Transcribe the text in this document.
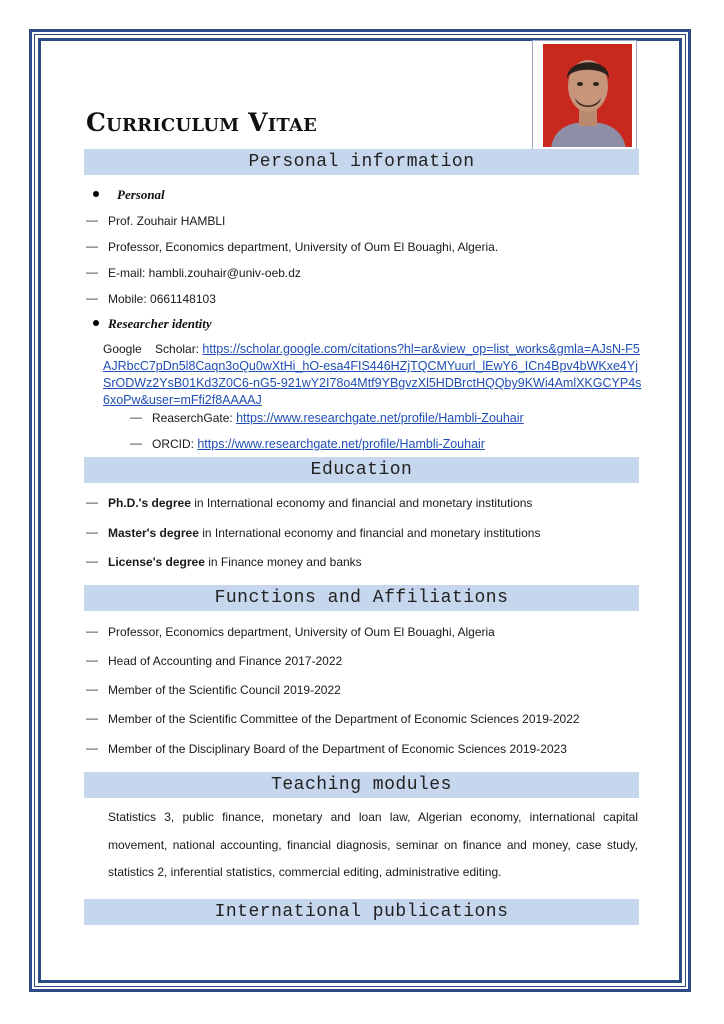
Curriculum Vitae
Personal information
Personal
— Prof. Zouhair HAMBLI
— Professor, Economics department, University of Oum El Bouaghi, Algeria.
— E-mail: hambli.zouhair@univ-oeb.dz
— Mobile: 0661148103
Researcher identity
Google Scholar: https://scholar.google.com/citations?hl=ar&view_op=list_works&gmla=AJsN-F5AJRbcC7pDn5l8Caqn3oQu0wXtHi_hO-esa4FIS446HZjTQCMYuurl_lEwY6_ICn4Bpv4bWKxe4YjSrODWz2YsB01Kd3Z0C6-nG5-921wY2I78o4Mtf9YBgvzXl5HDBrctHQQby9KWi4AmlXKGCYP4s6xoPw&user=mFfi2f8AAAAJ
— ReaserchGate: https://www.researchgate.net/profile/Hambli-Zouhair
— ORCID: https://www.researchgate.net/profile/Hambli-Zouhair
Education
— Ph.D.'s degree in International economy and financial and monetary institutions
— Master's degree in International economy and financial and monetary institutions
— License's degree in Finance money and banks
Functions and Affiliations
— Professor, Economics department, University of Oum El Bouaghi, Algeria
— Head of Accounting and Finance 2017-2022
— Member of the Scientific Council 2019-2022
— Member of the Scientific Committee of the Department of Economic Sciences 2019-2022
— Member of the Disciplinary Board of the Department of Economic Sciences 2019-2023
Teaching modules
Statistics 3, public finance, monetary and loan law, Algerian economy, international capital movement, national accounting, financial diagnosis, seminar on finance and money, case study, statistics 2, inferential statistics, commercial editing, administrative editing.
International publications
